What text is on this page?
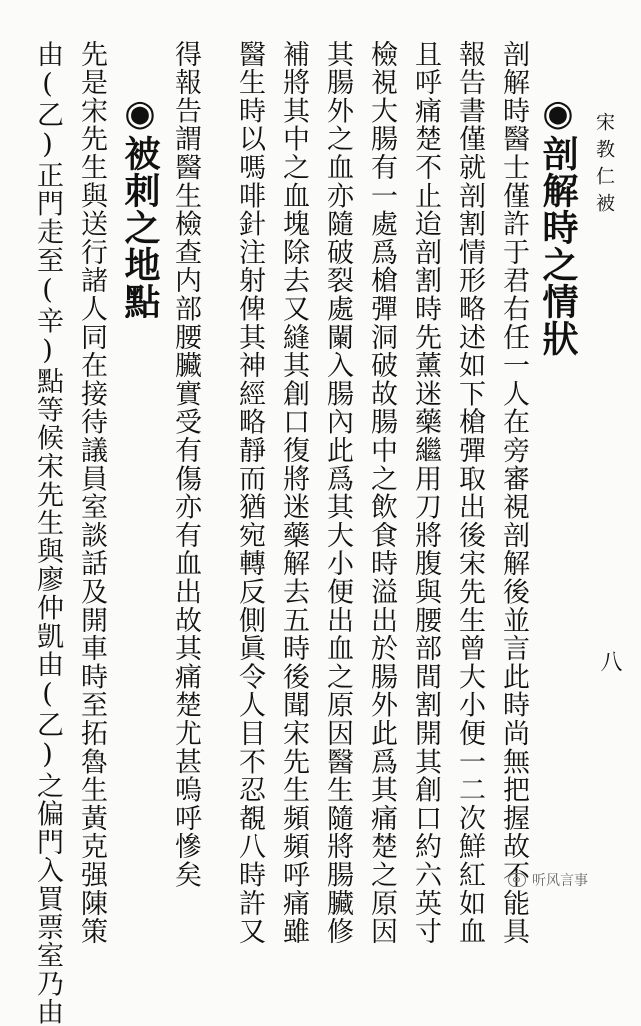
宋教仁被
八
◉剖解時之情狀
剖解時醫士僅許于君右任一人在旁審視剖解後並言此時尚無把握故不能具
報告書僅就剖割情形略述如下槍彈取出後宋先生曾大小便一二次鮮紅如血
且呼痛楚不止迨剖割時先薰迷藥繼用刀將腹與腰部間割開其創口約六英寸
檢視大腸有一處爲槍彈洞破故腸中之飲食時溢出於腸外此爲其痛楚之原因
其腸外之血亦隨破裂處闌入腸內此爲其大小便出血之原因醫生隨將腸臟修
補將其中之血塊除去又縫其創口復將迷藥解去五時後聞宋先生頻頻呼痛雖
醫生時以嗎啡針注射俾其神經略靜而猶宛轉反側眞令人目不忍覩八時許又
得報告謂醫生檢查内部腰臟實受有傷亦有血出故其痛楚尤甚嗚呼慘矣
◉被刺之地點
先是宋先生與送行諸人同在接待議員室談話及開車時至拓魯生黃克强陳策
由(乙)正門走至(辛)點等候宋先生與廖仲凱由(乙)之偏門入買票室乃由	听风言事
